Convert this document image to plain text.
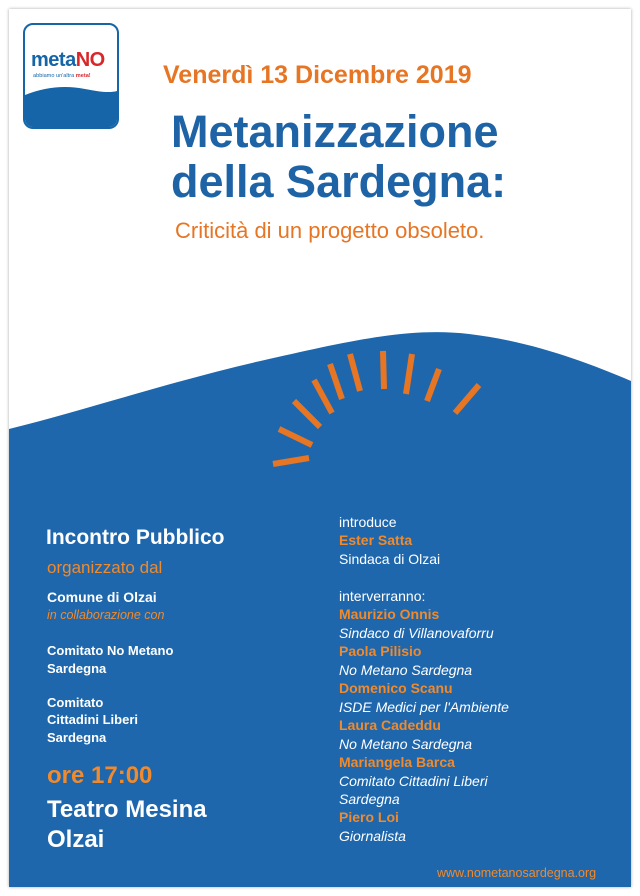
metaNO
abbiamo un'altra meta!	Venerdì 13 Dicembre 2019
Metanizzazione
della Sardegna:
Criticità di un progetto obsoleto.
Incontro Pubblico
organizzato dal
Comune di Olzai
in collaborazione con
Comitato No Metano
Sardegna
Comitato
Cittadini Liberi
Sardegna
ore 17:00
Teatro Mesina
Olzai
introduce
Ester Satta
Sindaca di Olzai
interverranno:
Maurizio Onnis
Sindaco di Villanovaforru
Paola Pilisio
No Metano Sardegna
Domenico Scanu
ISDE Medici per l'Ambiente
Laura Cadeddu
No Metano Sardegna
Mariangela Barca
Comitato Cittadini Liberi
Sardegna
Piero Loi
Giornalista
www.nometanosardegna.org
